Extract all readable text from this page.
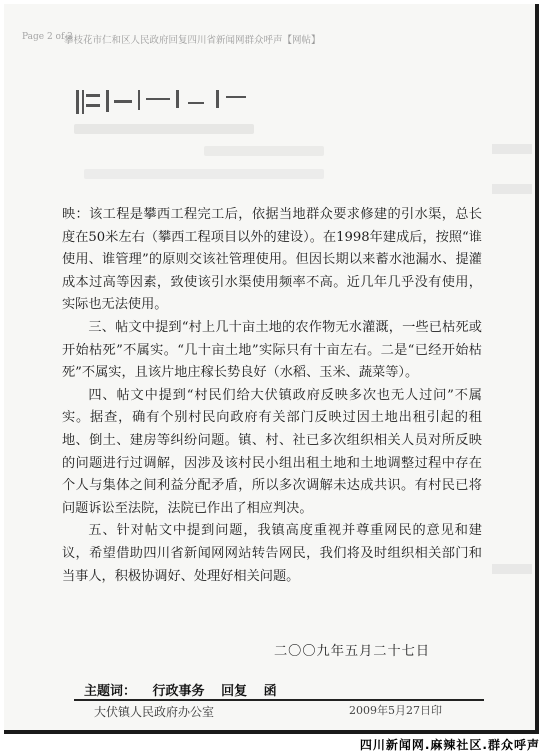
Page 2 of 2
攀枝花市仁和区人民政府回复四川省新闻网群众呼声【网帖】

映：该工程是攀西工程完工后，依据当地群众要求修建的引水渠，总长度在50米左右（攀西工程项目以外的建设）。在1998年建成后，按照“谁使用、谁管理”的原则交该社管理使用。但因长期以来蓄水池漏水、提灌成本过高等因素，致使该引水渠使用频率不高。近几年几乎没有使用，实际也无法使用。

三、帖文中提到“村上几十亩土地的农作物无水灌溉，一些已枯死或开始枯死”不属实。“几十亩土地”实际只有十亩左右。二是“已经开始枯死”不属实，且该片地庄稼长势良好（水稻、玉米、蔬菜等）。

四、帖文中提到“村民们给大伏镇政府反映多次也无人过问”不属实。据查，确有个别村民向政府有关部门反映过因土地出租引起的租地、倒土、建房等纠纷问题。镇、村、社已多次组织相关人员对所反映的问题进行过调解，因涉及该村民小组出租土地和土地调整过程中存在个人与集体之间利益分配矛盾，所以多次调解未达成共识。有村民已将问题诉讼至法院，法院已作出了相应判决。

五、针对帖文中提到问题，我镇高度重视并尊重网民的意见和建议，希望借助四川省新闻网网站转告网民，我们将及时组织相关部门和当事人，积极协调好、处理好相关问题。

二〇〇九年五月二十七日
主题词： 行政事务 回复 函
大伏镇人民政府办公室	2009年5月27日印
四川新闻网.麻辣社区.群众呼声
